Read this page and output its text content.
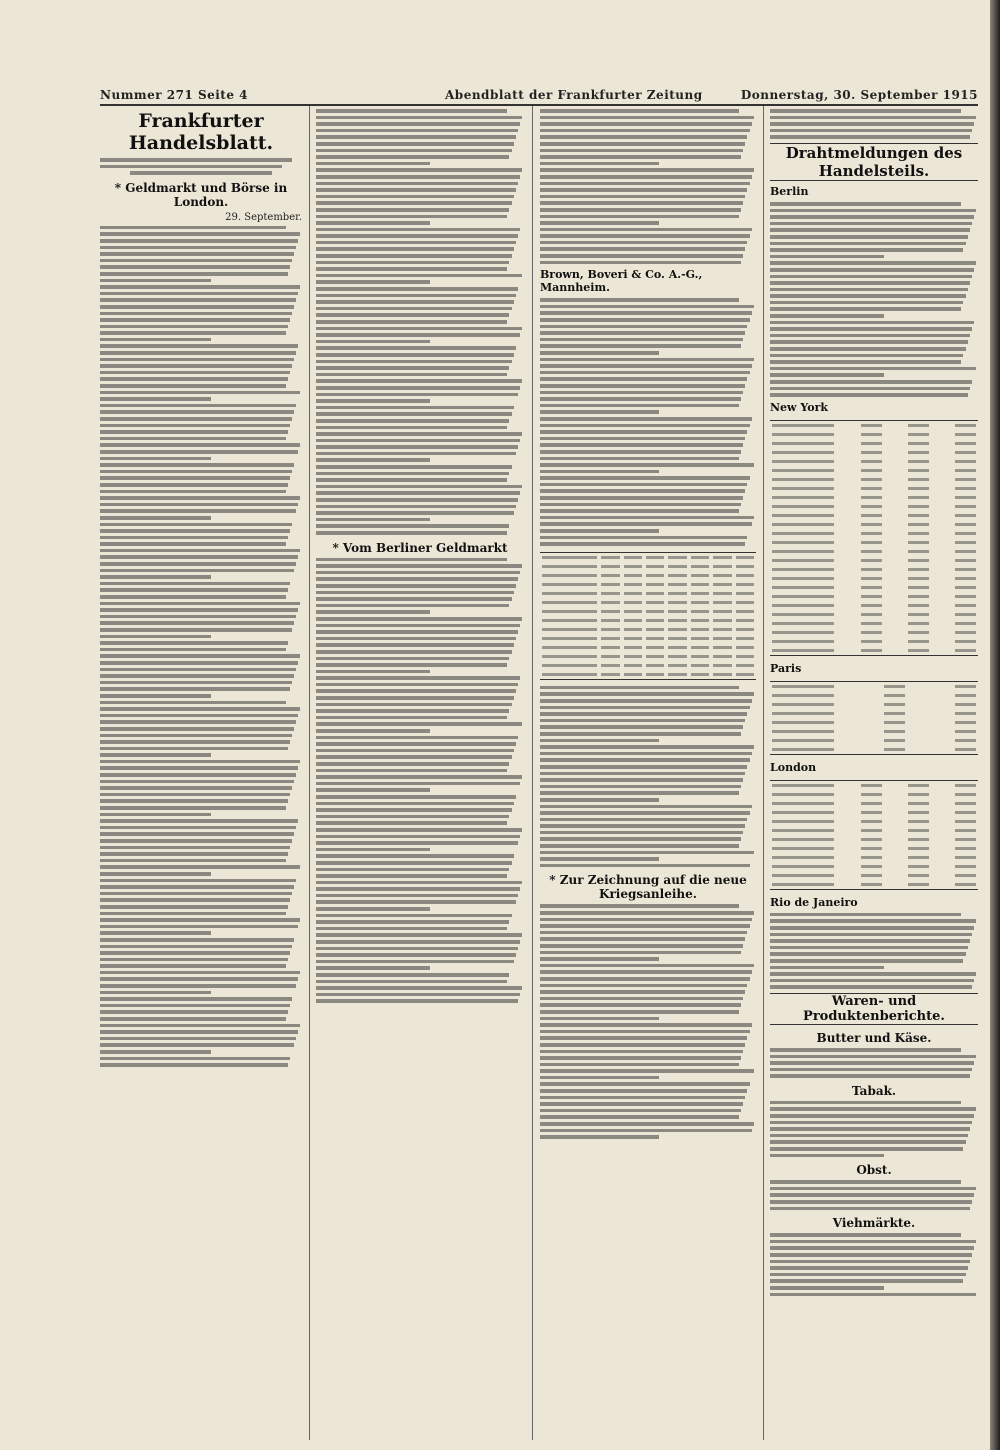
Nummer 271 Seite 4	Abendblatt der Frankfurter Zeitung	Donnerstag, 30. September 1915
Frankfurter Handelsblatt.
* Geldmarkt und Börse in London.
29. September.
* Vom Berliner Geldmarkt
Brown, Boveri & Co. A.-G., Mannheim.
* Zur Zeichnung auf die neue Kriegsanleihe.
Drahtmeldungen des Handelsteils.
Berlin
New York
Paris
London
Rio de Janeiro
Waren- und Produktenberichte.
Butter und Käse.
Tabak.
Obst.
Viehmärkte.
